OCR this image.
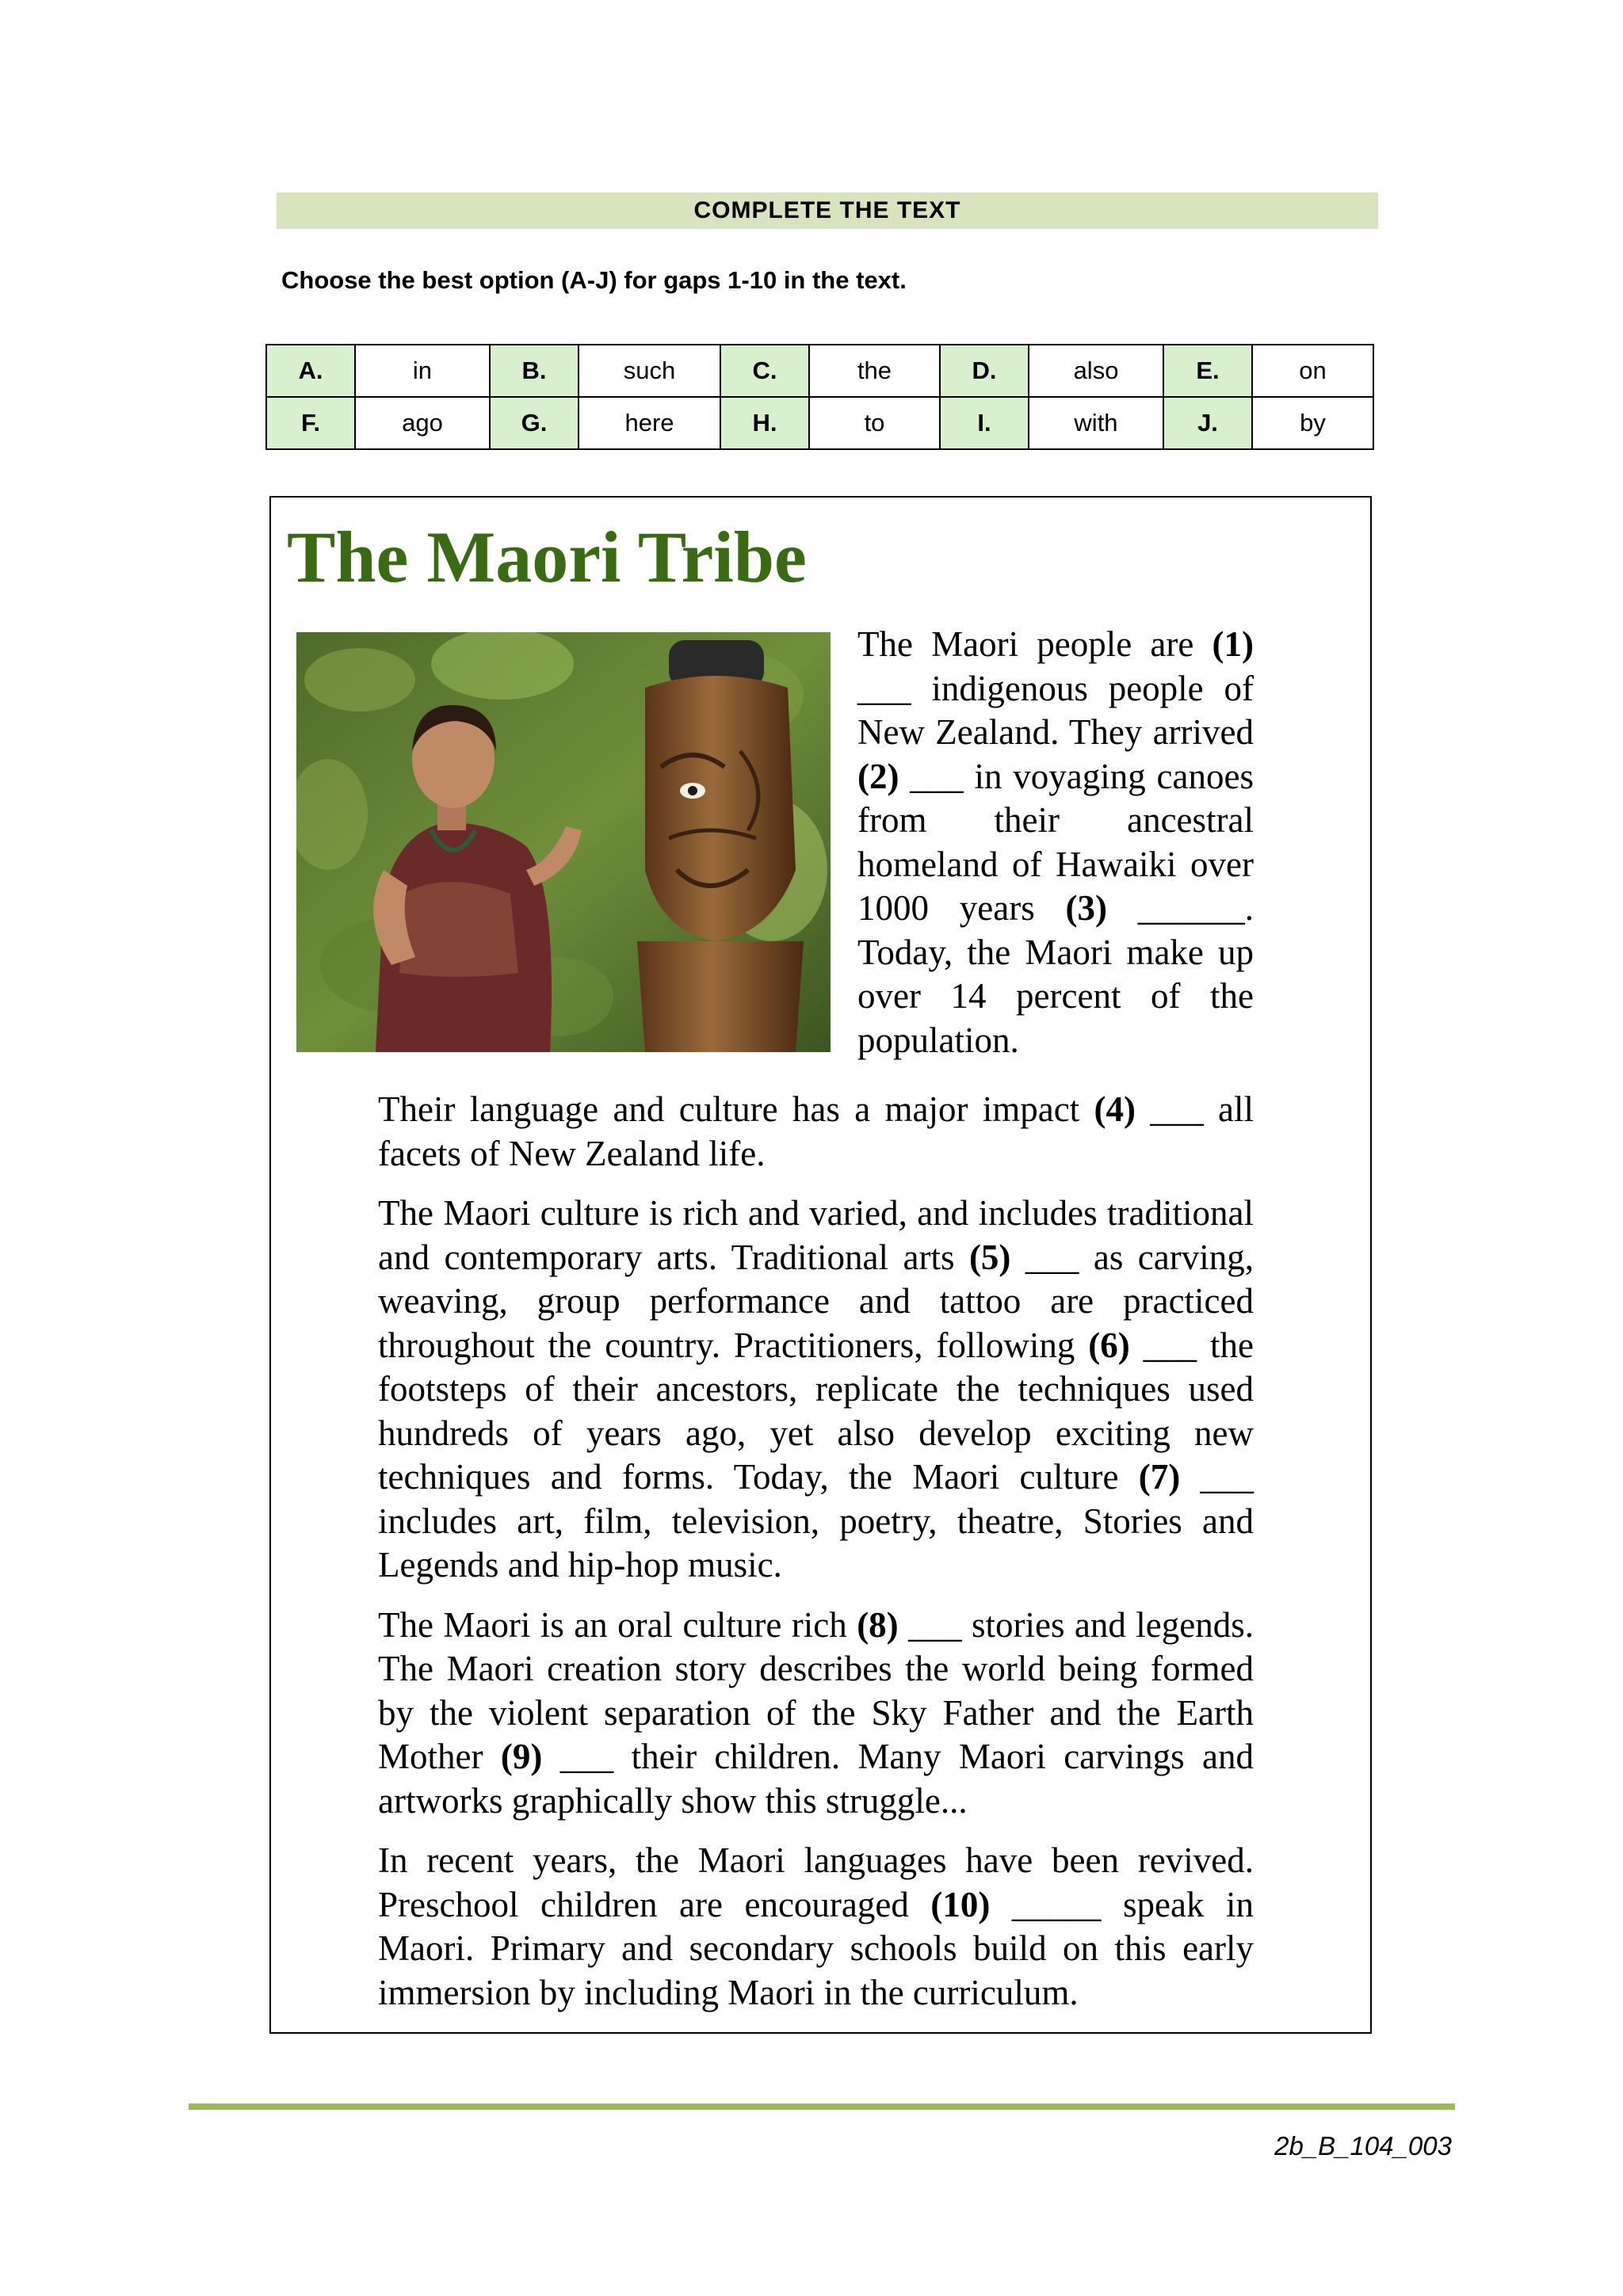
COMPLETE THE TEXT
Choose the best option (A-J) for gaps 1-10 in the text.
A.	in	B.	such	C.	the	D.	also	E.	on
F.	ago	G.	here	H.	to	I.	with	J.	by
The Maori Tribe

The Maori people are (1) ___ indigenous people of New Zealand. They arrived (2) ___ in voyaging canoes from their ancestral homeland of Hawaiki over 1000 years (3) ______. Today, the Maori make up over 14 percent of the population.

Their language and culture has a major impact (4) ___ all facets of New Zealand life.

The Maori culture is rich and varied, and includes traditional and contemporary arts. Traditional arts (5) ___ as carving, weaving, group performance and tattoo are practiced throughout the country. Practitioners, following (6) ___ the footsteps of their ancestors, replicate the techniques used hundreds of years ago, yet also develop exciting new techniques and forms. Today, the Maori culture (7) ___ includes art, film, television, poetry, theatre, Stories and Legends and hip-hop music.

The Maori is an oral culture rich (8) ___ stories and legends. The Maori creation story describes the world being formed by the violent separation of the Sky Father and the Earth Mother (9) ___ their children. Many Maori carvings and artworks graphically show this struggle...

In recent years, the Maori languages have been revived. Preschool children are encouraged (10) _____ speak in Maori. Primary and secondary schools build on this early immersion by including Maori in the curriculum.

2b_B_104_003
